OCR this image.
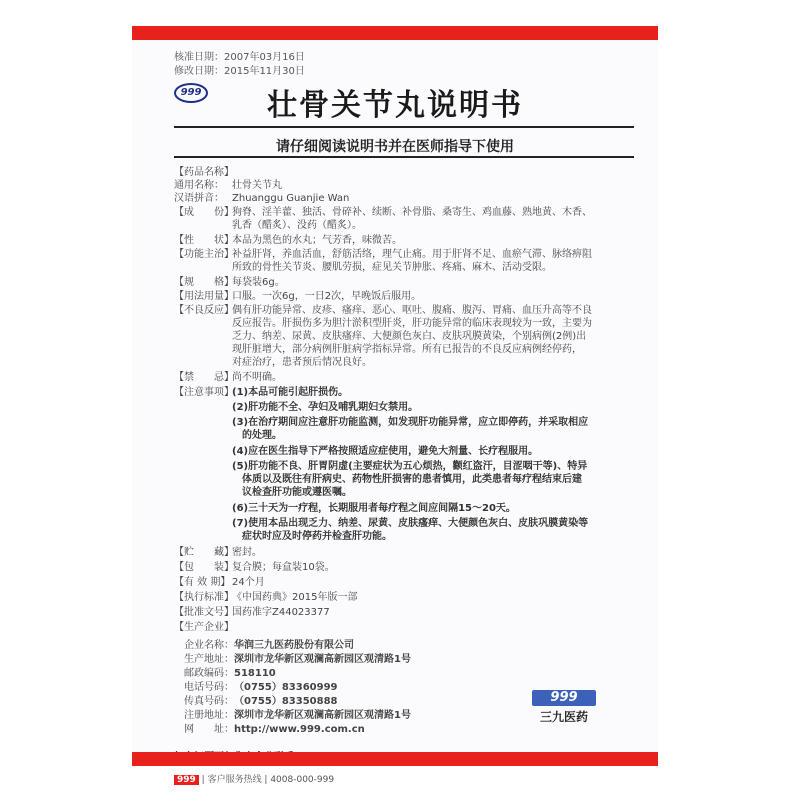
核准日期：2007年03月16日
修改日期：2015年11月30日
999	壮骨关节丸说明书
请仔细阅读说明书并在医师指导下使用
【药品名称】
通用名称： 壮骨关节丸
汉语拼音： Zhuanggu Guanjie Wan
【成　　份】
狗脊、淫羊藿、独活、骨碎补、续断、补骨脂、桑寄生、鸡血藤、熟地黄、木香、
乳香（醋炙）、没药（醋炙）。
【性　　状】
本品为黑色的水丸；气芳香，味微苦。
【功能主治】
补益肝肾，养血活血，舒筋活络，理气止痛。用于肝肾不足、血瘀气滞、脉络痹阻
所致的骨性关节炎、腰肌劳损，症见关节肿胀、疼痛、麻木、活动受限。
【规　　格】
每袋装6g。
【用法用量】
口服。一次6g，一日2次，早晚饭后服用。
【不良反应】
偶有肝功能异常、皮疹、瘙痒、恶心、呕吐、腹痛、腹泻、胃痛、血压升高等不良
反应报告。肝损伤多为胆汁淤积型肝炎，肝功能异常的临床表现较为一致，主要为
乏力、纳差、尿黄、皮肤瘙痒、大便颜色灰白、皮肤巩膜黄染，个别病例(2例)出
现肝脏增大，部分病例肝脏病学指标异常。所有已报告的不良反应病例经停药，
对症治疗，患者预后情况良好。
【禁　　忌】
尚不明确。
【注意事项】
(1)本品可能引起肝损伤。
(2)肝功能不全、孕妇及哺乳期妇女禁用。
(3)在治疗期间应注意肝功能监测，如发现肝功能异常，应立即停药，并采取相应
的处理。
(4)应在医生指导下严格按照适应症使用，避免大剂量、长疗程服用。
(5)肝功能不良、肝胃阴虚(主要症状为五心烦热，颧红盗汗，目涩咽干等)、特异
体质以及既往有肝病史、药物性肝损害的患者慎用，此类患者每疗程结束后建
议检查肝功能或遵医嘱。
(6)三十天为一疗程，长期服用者每疗程之间应间隔15～20天。
(7)使用本品出现乏力、纳差、尿黄、皮肤瘙痒、大便颜色灰白、皮肤巩膜黄染等
症状时应及时停药并检查肝功能。
【贮　　藏】
密封。
【包　　装】
复合膜；每盒装10袋。
【有 效 期】 24个月
【执行标准】
《中国药典》2015年版一部
【批准文号】
国药准字Z44023377
【生产企业】
企业名称：华润三九医药股份有限公司
生产地址：深圳市龙华新区观澜高新园区观清路1号
邮政编码：518110
电话号码：（0755）83360999
传真号码：（0755）83350888
注册地址：深圳市龙华新区观澜高新园区观清路1号
网　　址：http://www.999.com.cn
999
三九医药
999 | 客户服务热线 | 4008-000-999
